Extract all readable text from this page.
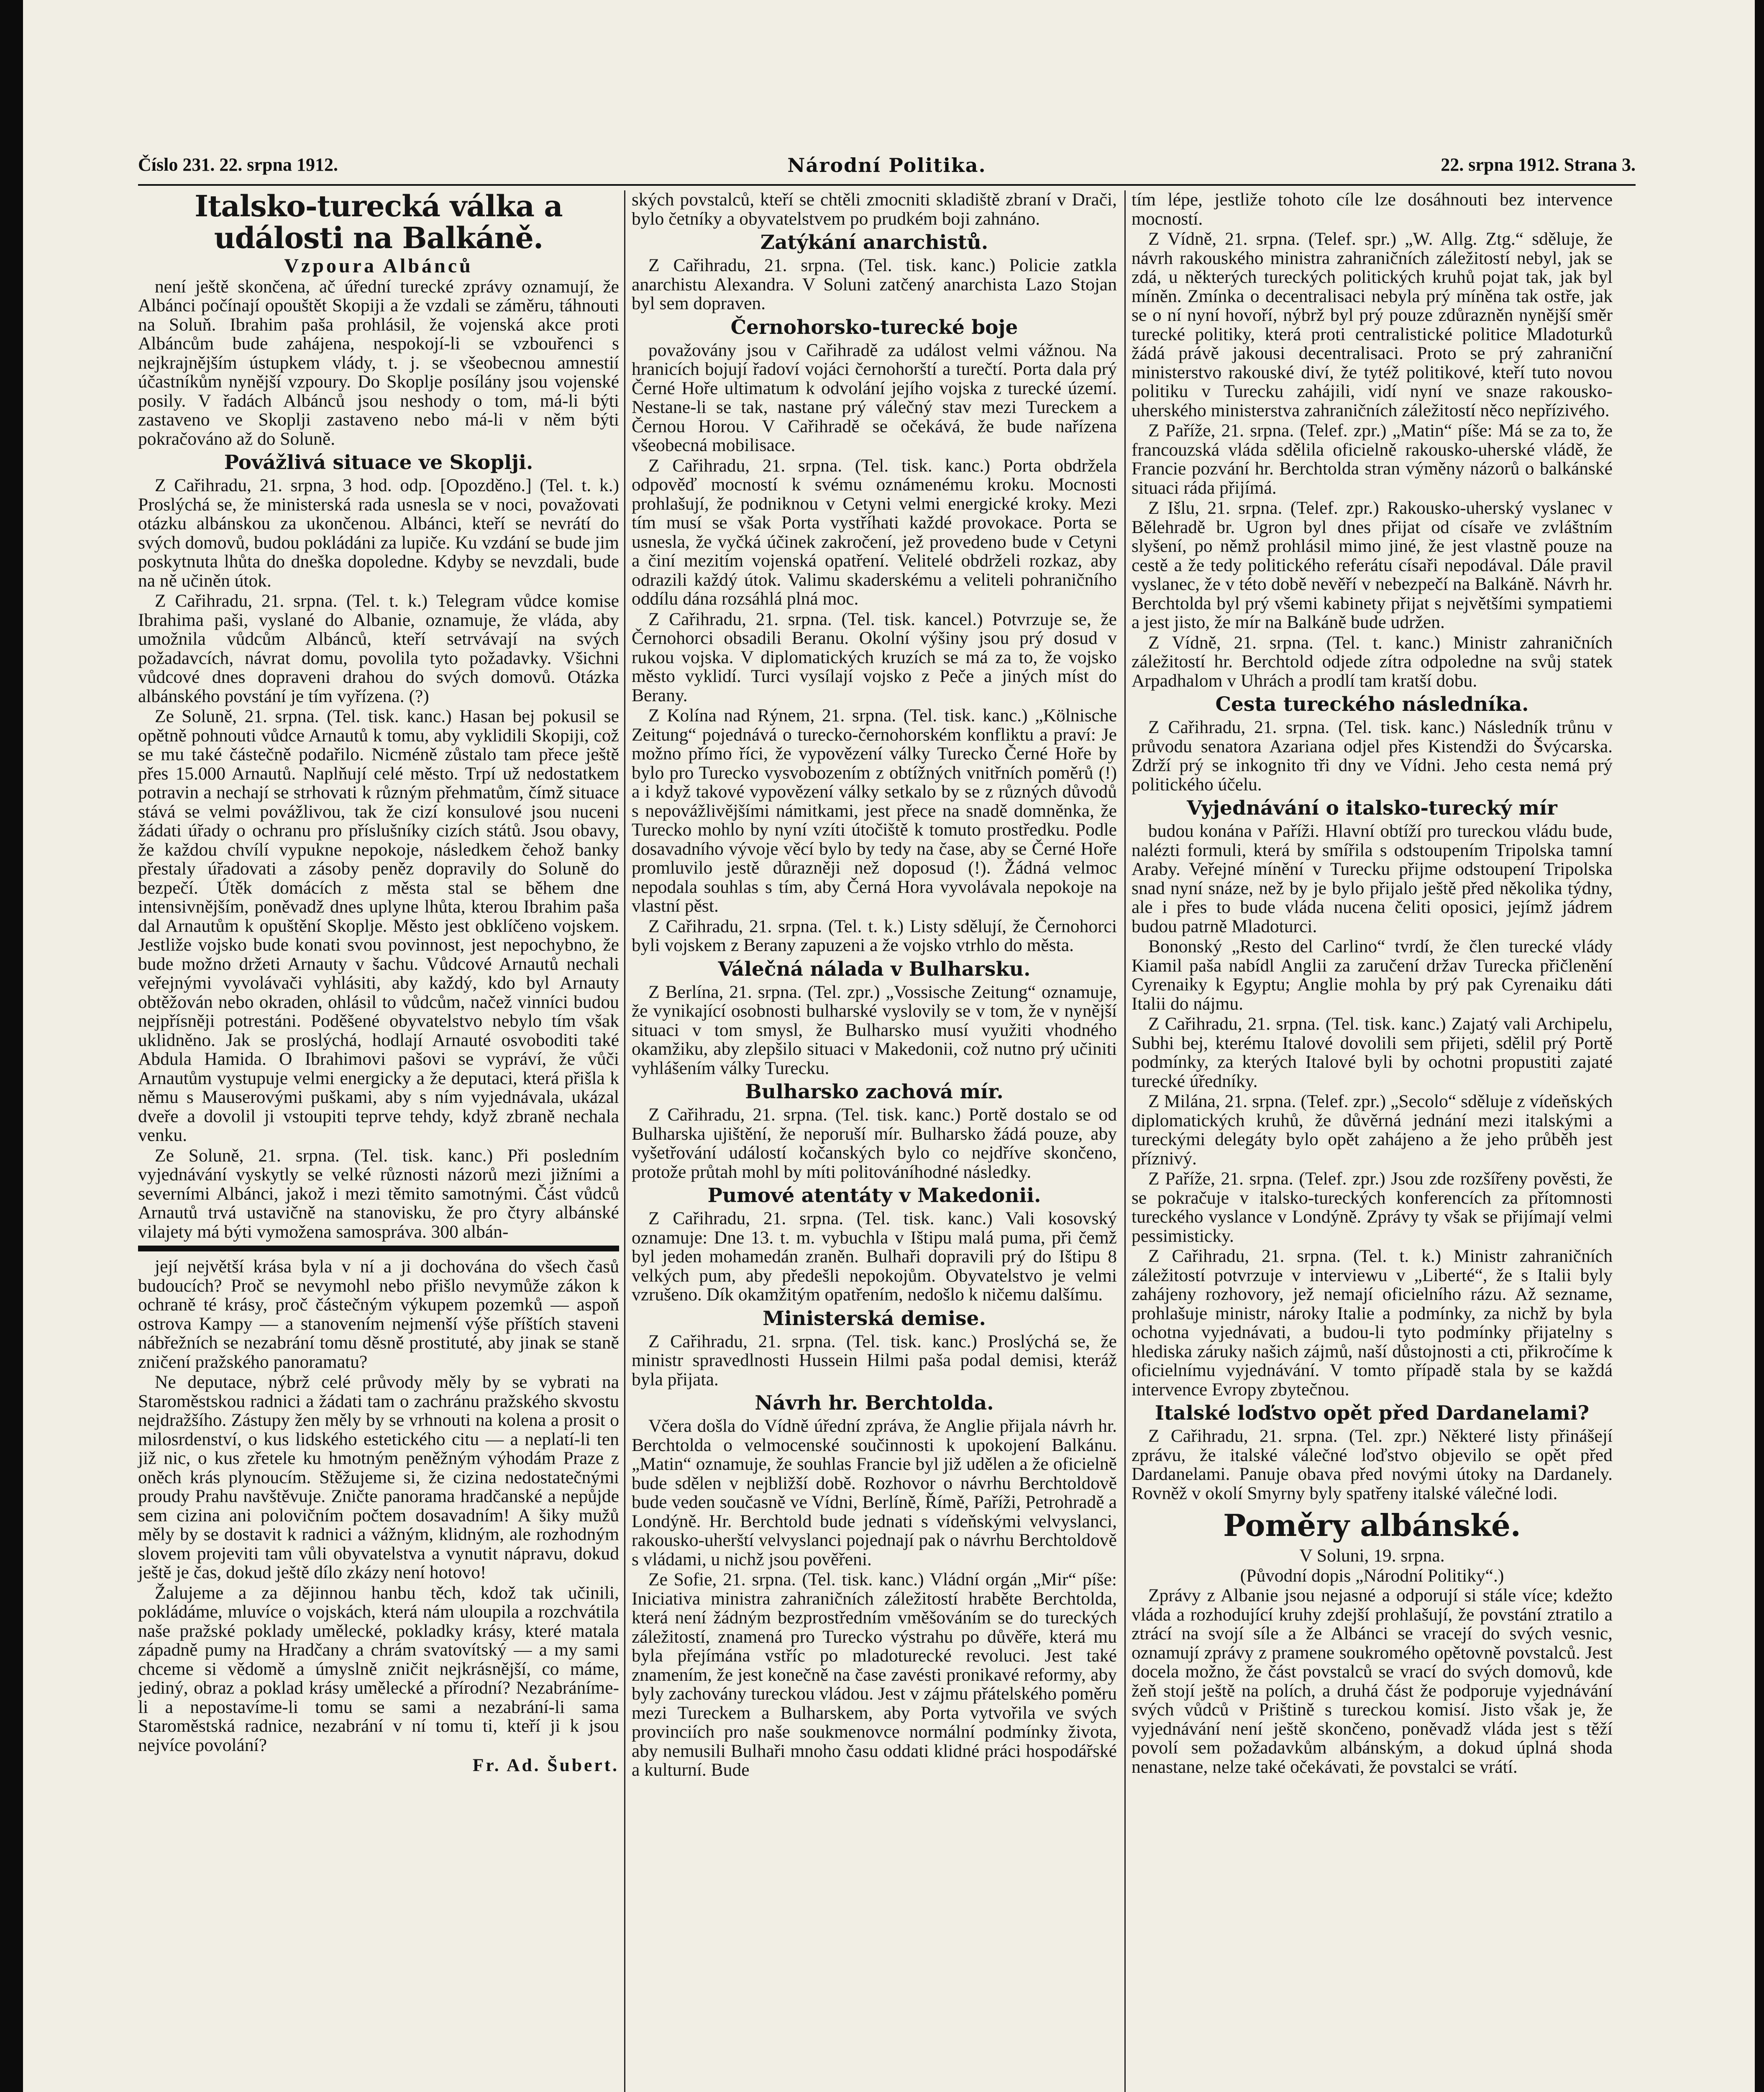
Číslo 231. 22. srpna 1912.	Národní Politika.	22. srpna 1912. Strana 3.
Italsko-turecká válka a události na Balkáně.
Vzpoura Albánců

není ještě skončena, ač úřední turecké zprávy oznamují, že Albánci počínají opouštět Skopiji a že vzdali se záměru, táhnouti na Soluň. Ibrahim paša prohlásil, že vojenská akce proti Albáncům bude zahájena, nespokojí-li se vzbouřenci s nejkrajnějším ústupkem vlády, t. j. se všeobecnou amnestií účastníkům nynější vzpoury. Do Skoplje posílány jsou vojenské posily. V řadách Albánců jsou neshody o tom, má-li býti zastaveno ve Skoplji zastaveno nebo má-li v něm býti pokračováno až do Soluně.

Povážlivá situace ve Skoplji.

Z Cařihradu, 21. srpna, 3 hod. odp. [Opozděno.] (Tel. t. k.) Proslýchá se, že ministerská rada usnesla se v noci, považovati otázku albánskou za ukončenou. Albánci, kteří se nevrátí do svých domovů, budou pokládáni za lupiče. Ku vzdání se bude jim poskytnuta lhůta do dneška dopoledne. Kdyby se nevzdali, bude na ně učiněn útok.

Z Cařihradu, 21. srpna. (Tel. t. k.) Telegram vůdce komise Ibrahima paši, vyslané do Albanie, oznamuje, že vláda, aby umožnila vůdcům Albánců, kteří setrvávají na svých požadavcích, návrat domu, povolila tyto požadavky. Všichni vůdcové dnes dopraveni drahou do svých domovů. Otázka albánského povstání je tím vyřízena. (?)

Ze Soluně, 21. srpna. (Tel. tisk. kanc.) Hasan bej pokusil se opětně pohnouti vůdce Arnautů k tomu, aby vyklidili Skopiji, což se mu také částečně podařilo. Nicméně zůstalo tam přece ještě přes 15.000 Arnautů. Naplňují celé město. Trpí už nedostatkem potravin a nechají se strhovati k různým přehmatům, čímž situace stává se velmi povážlivou, tak že cizí konsulové jsou nuceni žádati úřady o ochranu pro příslušníky cizích států. Jsou obavy, že každou chvílí vypukne nepokoje, následkem čehož banky přestaly úřadovati a zásoby peněz dopravily do Soluně do bezpečí. Útěk domácích z města stal se během dne intensivnějším, poněvadž dnes uplyne lhůta, kterou Ibrahim paša dal Arnautům k opuštění Skoplje. Město jest obklíčeno vojskem. Jestliže vojsko bude konati svou povinnost, jest nepochybno, že bude možno držeti Arnauty v šachu. Vůdcové Arnautů nechali veřejnými vyvolávači vyhlásiti, aby každý, kdo byl Arnauty obtěžován nebo okraden, ohlásil to vůdcům, načež vinníci budou nejpřísněji potrestáni. Poděšené obyvatelstvo nebylo tím však uklidněno. Jak se proslýchá, hodlají Arnauté osvoboditi také Abdula Hamida. O Ibrahimovi pašovi se vypráví, že vůči Arnautům vystupuje velmi energicky a že deputaci, která přišla k němu s Mauserovými puškami, aby s ním vyjednávala, ukázal dveře a dovolil ji vstoupiti teprve tehdy, když zbraně nechala venku.

Ze Soluně, 21. srpna. (Tel. tisk. kanc.) Při posledním vyjednávání vyskytly se velké různosti názorů mezi jižními a severními Albánci, jakož i mezi těmito samotnými. Část vůdců Arnautů trvá ustavičně na stanovisku, že pro čtyry albánské vilajety má býti vymožena samospráva. 300 albán-

její největší krása byla v ní a ji dochována do všech časů budoucích? Proč se nevymohl nebo přišlo nevymůže zákon k ochraně té krásy, proč částečným výkupem pozemků — aspoň ostrova Kampy — a stanovením nejmenší výše příštích staveni nábřežních se nezabrání tomu děsně prostituté, aby jinak se staně zničení pražského panoramatu?

Ne deputace, nýbrž celé průvody měly by se vybrati na Staroměstskou radnici a žádati tam o zachránu pražského skvostu nejdražšího. Zástupy žen měly by se vrhnouti na kolena a prosit o milosrdenství, o kus lidského estetického citu — a neplatí-li ten již nic, o kus zřetele ku hmotným peněžným výhodám Praze z oněch krás plynoucím. Stěžujeme si, že cizina nedostatečnými proudy Prahu navštěvuje. Zničte panorama hradčanské a nepůjde sem cizina ani polovičním počtem dosavadním! A šiky mužů měly by se dostavit k radnici a vážným, klidným, ale rozhodným slovem projeviti tam vůli obyvatelstva a vynutit nápravu, dokud ještě je čas, dokud ještě dílo zkázy není hotovo!

Žalujeme a za dějinnou hanbu těch, kdož tak učinili, pokládáme, mluvíce o vojskách, která nám uloupila a rozchvátila naše pražské poklady umělecké, pokladky krásy, které matala západně pumy na Hradčany a chrám svatovítský — a my sami chceme si vědomě a úmyslně zničit nejkrásnější, co máme, jediný, obraz a poklad krásy umělecké a přírodní? Nezabráníme-li a nepostavíme-li tomu se sami a nezabrání-li sama Staroměstská radnice, nezabrání v ní tomu ti, kteří ji k jsou nejvíce povolání?

Fr. Ad. Šubert.

ských povstalců, kteří se chtěli zmocniti skladiště zbraní v Drači, bylo četníky a obyvatelstvem po prudkém boji zahnáno.

Zatýkání anarchistů.

Z Cařihradu, 21. srpna. (Tel. tisk. kanc.) Policie zatkla anarchistu Alexandra. V Soluni zatčený anarchista Lazo Stojan byl sem dopraven.

Černohorsko-turecké boje

považovány jsou v Cařihradě za událost velmi vážnou. Na hranicích bojují řadoví vojáci černohorští a turečtí. Porta dala prý Černé Hoře ultimatum k odvolání jejího vojska z turecké území. Nestane-li se tak, nastane prý válečný stav mezi Tureckem a Černou Horou. V Cařihradě se očekává, že bude nařízena všeobecná mobilisace.

Z Cařihradu, 21. srpna. (Tel. tisk. kanc.) Porta obdržela odpověď mocností k svému oznámenému kroku. Mocnosti prohlašují, že podniknou v Cetyni velmi energické kroky. Mezi tím musí se však Porta vystříhati každé provokace. Porta se usnesla, že vyčká účinek zakročení, jež provedeno bude v Cetyni a činí mezitím vojenská opatření. Velitelé obdrželi rozkaz, aby odrazili každý útok. Valimu skaderskému a veliteli pohraničního oddílu dána rozsáhlá plná moc.

Z Cařihradu, 21. srpna. (Tel. tisk. kancel.) Potvrzuje se, že Černohorci obsadili Beranu. Okolní výšiny jsou prý dosud v rukou vojska. V diplomatických kruzích se má za to, že vojsko město vyklidí. Turci vysílají vojsko z Peče a jiných míst do Berany.

Z Kolína nad Rýnem, 21. srpna. (Tel. tisk. kanc.) „Kölnische Zeitung“ pojednává o turecko-černohorském konfliktu a praví: Je možno přímo říci, že vypovězení války Turecko Černé Hoře by bylo pro Turecko vysvobozením z obtížných vnitřních poměrů (!) a i když takové vypovězení války setkalo by se z různých důvodů s nepovážlivějšími námitkami, jest přece na snadě domněnka, že Turecko mohlo by nyní vzíti útočiště k tomuto prostředku. Podle dosavadního vývoje věcí bylo by tedy na čase, aby se Černé Hoře promluvilo jestě důrazněji než doposud (!). Žádná velmoc nepodala souhlas s tím, aby Černá Hora vyvolávala nepokoje na vlastní pěst.

Z Cařihradu, 21. srpna. (Tel. t. k.) Listy sdělují, že Černohorci byli vojskem z Berany zapuzeni a že vojsko vtrhlo do města.

Válečná nálada v Bulharsku.

Z Berlína, 21. srpna. (Tel. zpr.) „Vossische Zeitung“ oznamuje, že vynikající osobnosti bulharské vyslovily se v tom, že v nynější situaci v tom smysl, že Bulharsko musí využiti vhodného okamžiku, aby zlepšilo situaci v Makedonii, což nutno prý učiniti vyhlášením války Turecku.

Bulharsko zachová mír.

Z Cařihradu, 21. srpna. (Tel. tisk. kanc.) Portě dostalo se od Bulharska ujištění, že neporuší mír. Bulharsko žádá pouze, aby vyšetřování událostí kočanských bylo co nejdříve skončeno, protože průtah mohl by míti politováníhodné následky.

Pumové atentáty v Makedonii.

Z Cařihradu, 21. srpna. (Tel. tisk. kanc.) Vali kosovský oznamuje: Dne 13. t. m. vybuchla v Ištipu malá puma, při čemž byl jeden mohamedán zraněn. Bulhaři dopravili prý do Ištipu 8 velkých pum, aby předešli nepokojům. Obyvatelstvo je velmi vzrušeno. Dík okamžitým opatřením, nedošlo k ničemu dalšímu.

Ministerská demise.

Z Cařihradu, 21. srpna. (Tel. tisk. kanc.) Proslýchá se, že ministr spravedlnosti Hussein Hilmi paša podal demisi, kteráž byla přijata.

Návrh hr. Berchtolda.

Včera došla do Vídně úřední zpráva, že Anglie přijala návrh hr. Berchtolda o velmocenské součinnosti k upokojení Balkánu. „Matin“ oznamuje, že souhlas Francie byl již udělen a že oficielně bude sdělen v nejbližší době. Rozhovor o návrhu Berchtoldově bude veden současně ve Vídni, Berlíně, Římě, Paříži, Petrohradě a Londýně. Hr. Berchtold bude jednati s vídeňskými velvyslanci, rakousko-uherští velvyslanci pojednají pak o návrhu Berchtoldově s vládami, u nichž jsou pověřeni.

Ze Sofie, 21. srpna. (Tel. tisk. kanc.) Vládní orgán „Mir“ píše: Iniciativa ministra zahraničních záležitostí hraběte Berchtolda, která není žádným bezprostředním vměšováním se do tureckých záležitostí, znamená pro Turecko výstrahu po důvěře, která mu byla přejímána vstříc po mladoturecké revoluci. Jest také znamením, že jest konečně na čase zavésti pronikavé reformy, aby byly zachovány tureckou vládou. Jest v zájmu přátelského poměru mezi Tureckem a Bulharskem, aby Porta vytvořila ve svých provinciích pro naše soukmenovce normální podmínky života, aby nemusili Bulhaři mnoho času oddati klidné práci hospodářské a kulturní. Bude

tím lépe, jestliže tohoto cíle lze dosáhnouti bez intervence mocností.

Z Vídně, 21. srpna. (Telef. spr.) „W. Allg. Ztg.“ sděluje, že návrh rakouského ministra zahraničních záležitostí nebyl, jak se zdá, u některých tureckých politických kruhů pojat tak, jak byl míněn. Zmínka o decentralisaci nebyla prý míněna tak ostře, jak se o ní nyní hovoří, nýbrž byl prý pouze zdůrazněn nynější směr turecké politiky, která proti centralistické politice Mladoturků žádá právě jakousi decentralisaci. Proto se prý zahraniční ministerstvo rakouské diví, že tytéž politikové, kteří tuto novou politiku v Turecku zahájili, vidí nyní ve snaze rakousko-uherského ministerstva zahraničních záležitostí něco nepřízivého.

Z Paříže, 21. srpna. (Telef. zpr.) „Matin“ píše: Má se za to, že francouzská vláda sdělila oficielně rakousko-uherské vládě, že Francie pozvání hr. Berchtolda stran výměny názorů o balkánské situaci ráda přijímá.

Z Išlu, 21. srpna. (Telef. zpr.) Rakousko-uherský vyslanec v Bělehradě br. Ugron byl dnes přijat od císaře ve zvláštním slyšení, po němž prohlásil mimo jiné, že jest vlastně pouze na cestě a že tedy politického referátu císaři nepodával. Dále pravil vyslanec, že v této době nevěří v nebezpečí na Balkáně. Návrh hr. Berchtolda byl prý všemi kabinety přijat s největšími sympatiemi a jest jisto, že mír na Balkáně bude udržen.

Z Vídně, 21. srpna. (Tel. t. kanc.) Ministr zahraničních záležitostí hr. Berchtold odjede zítra odpoledne na svůj statek Arpadhalom v Uhrách a prodlí tam kratší dobu.

Cesta tureckého následníka.

Z Cařihradu, 21. srpna. (Tel. tisk. kanc.) Následník trůnu v průvodu senatora Azariana odjel přes Kistendži do Švýcarska. Zdrží prý se inkognito tři dny ve Vídni. Jeho cesta nemá prý politického účelu.

Vyjednávání o italsko-turecký mír

budou konána v Paříži. Hlavní obtíží pro tureckou vládu bude, nalézti formuli, která by smířila s odstoupením Tripolska tamní Araby. Veřejné mínění v Turecku přijme odstoupení Tripolska snad nyní snáze, než by je bylo přijalo ještě před několika týdny, ale i přes to bude vláda nucena čeliti oposici, jejímž jádrem budou patrně Mladoturci.

Bononský „Resto del Carlino“ tvrdí, že člen turecké vlády Kiamil paša nabídl Anglii za zaručení držav Turecka přičlenění Cyrenaiky k Egyptu; Anglie mohla by prý pak Cyrenaiku dáti Italii do nájmu.

Z Cařihradu, 21. srpna. (Tel. tisk. kanc.) Zajatý vali Archipelu, Subhi bej, kterému Italové dovolili sem přijeti, sdělil prý Portě podmínky, za kterých Italové byli by ochotni propustiti zajaté turecké úředníky.

Z Milána, 21. srpna. (Telef. zpr.) „Secolo“ sděluje z vídeňských diplomatických kruhů, že důvěrná jednání mezi italskými a tureckými delegáty bylo opět zahájeno a že jeho průběh jest příznivý.

Z Paříže, 21. srpna. (Telef. zpr.) Jsou zde rozšířeny pověsti, že se pokračuje v italsko-tureckých konferencích za přítomnosti tureckého vyslance v Londýně. Zprávy ty však se přijímají velmi pessimisticky.

Z Cařihradu, 21. srpna. (Tel. t. k.) Ministr zahraničních záležitostí potvrzuje v interviewu v „Liberté“, že s Italii byly zahájeny rozhovory, jež nemají oficielního rázu. Až sezname, prohlašuje ministr, nároky Italie a podmínky, za nichž by byla ochotna vyjednávati, a budou-li tyto podmínky přijatelny s hlediska záruky našich zájmů, naší důstojnosti a cti, přikročíme k oficielnímu vyjednávání. V tomto případě stala by se každá intervence Evropy zbytečnou.

Italské loďstvo opět před Dardanelami?

Z Cařihradu, 21. srpna. (Tel. zpr.) Některé listy přinášejí zprávu, že italské válečné loďstvo objevilo se opět před Dardanelami. Panuje obava před novými útoky na Dardanely. Rovněž v okolí Smyrny byly spatřeny italské válečné lodi.

Poměry albánské.

V Soluni, 19. srpna.

(Původní dopis „Národní Politiky“.)

Zprávy z Albanie jsou nejasné a odporují si stále více; kdežto vláda a rozhodující kruhy zdejší prohlašují, že povstání ztratilo a ztrácí na svojí síle a že Albánci se vracejí do svých vesnic, oznamují zprávy z pramene soukromého opětovně povstalců. Jest docela možno, že část povstalců se vrací do svých domovů, kde žeň stojí ještě na polích, a druhá část že podporuje vyjednávání svých vůdců v Prištině s tureckou komisí. Jisto však je, že vyjednávání není ještě skončeno, poněvadž vláda jest s těží povolí sem požadavkům albánským, a dokud úplná shoda nenastane, nelze také očekávati, že povstalci se vrátí.
